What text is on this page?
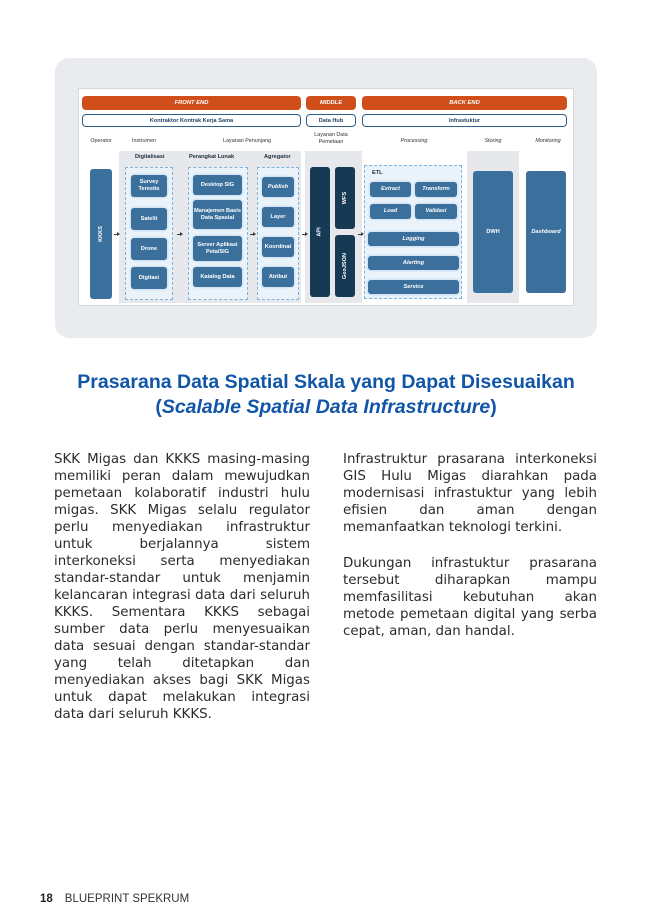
FRONT END	MIDDLE	BACK END
Kontraktor Kontrak Kerja Sama	Data Hub	Infrastuktur
Operator	Instrumen	Layanan Penunjang
Layanan Data Pemetaan	Processing	Storing	Monitoring
Digitalisasi	Perangkat Lunak	Agregator
KKKS
Survey Terestis
Satelit
Drone
Digitasi
Desktop SIG
Manajemen Basis Data Spasial
Server Aplikasi Peta/SIG
Katalog Data
Publish
Layer
Koordinat
Atribut
API
WFS
GeoJSON
ETL
Extract	Transform
Load	Validasi
Logging
Alerting
Service
DWH	Dashboard
Prasarana Data Spatial Skala yang Dapat Disesuaikan
(Scalable Spatial Data Infrastructure)

SKK Migas dan KKKS masing-masing memiliki peran dalam mewujudkan pemetaan kolaboratif industri hulu migas. SKK Migas selalu regulator perlu menyediakan infrastruktur untuk berjalannya sistem interkoneksi serta menyediakan standar-standar untuk menjamin kelancaran integrasi data dari seluruh KKKS. Sementara KKKS sebagai sumber data perlu menyesuaikan data sesuai dengan standar-standar yang telah ditetapkan dan menyediakan akses bagi SKK Migas untuk dapat melakukan integrasi data dari seluruh KKKS.

Infrastruktur prasarana interkoneksi GIS Hulu Migas diarahkan pada modernisasi infrastuktur yang lebih efisien dan aman dengan memanfaatkan teknologi terkini.

Dukungan infrastuktur prasarana tersebut diharapkan mampu memfasilitasi kebutuhan akan metode pemetaan digital yang serba cepat, aman, dan handal.

18 BLUEPRINT SPEKRUM
